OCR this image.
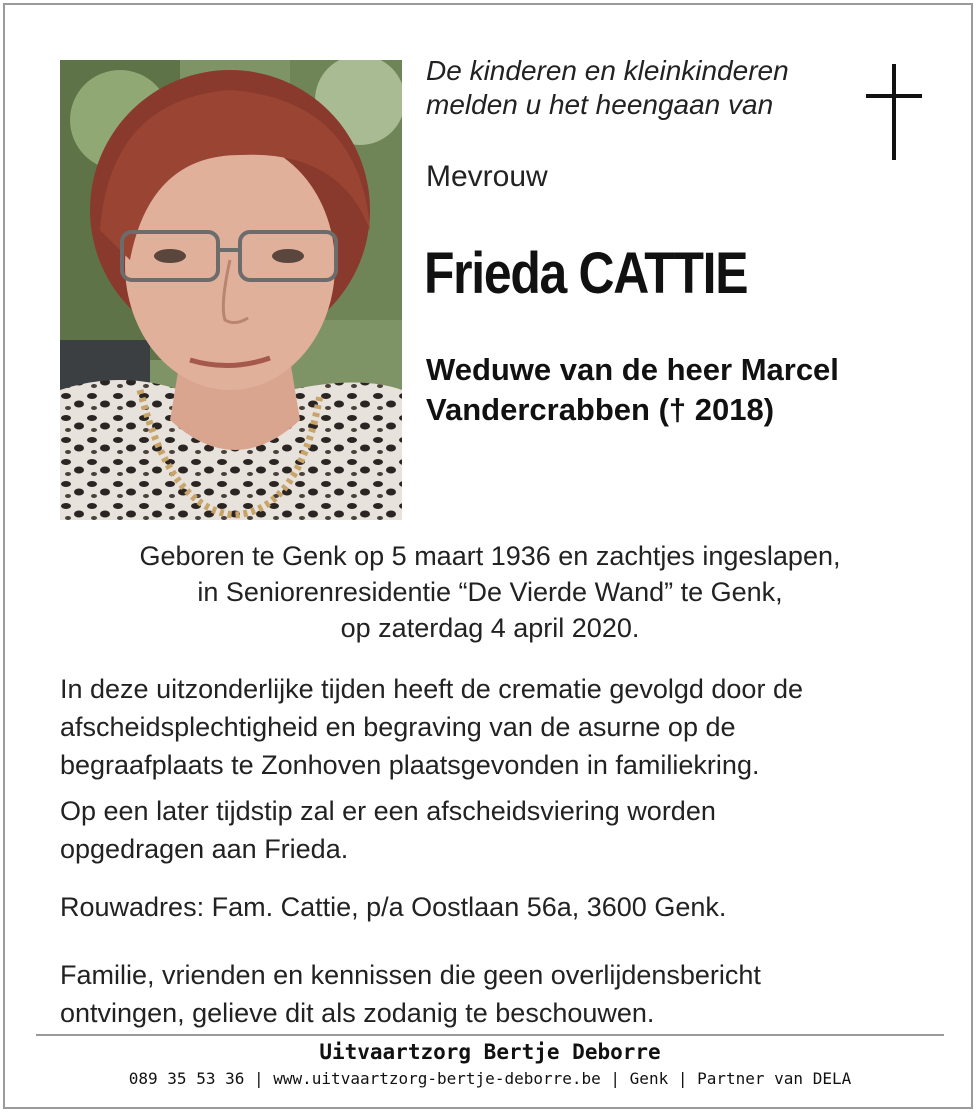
De kinderen en kleinkinderen
melden u het heengaan van
Mevrouw
Frieda CATTIE
Weduwe van de heer Marcel
Vandercrabben († 2018)
Geboren te Genk op 5 maart 1936 en zachtjes ingeslapen,
in Seniorenresidentie “De Vierde Wand” te Genk,
op zaterdag 4 april 2020.
In deze uitzonderlijke tijden heeft de crematie gevolgd door de
afscheidsplechtigheid en begraving van de asurne op de
begraafplaats te Zonhoven plaatsgevonden in familiekring.
Op een later tijdstip zal er een afscheidsviering worden
opgedragen aan Frieda.
Rouwadres: Fam. Cattie, p/a Oostlaan 56a, 3600 Genk.
Familie, vrienden en kennissen die geen overlijdensbericht
ontvingen, gelieve dit als zodanig te beschouwen.
Uitvaartzorg Bertje Deborre
089 35 53 36 | www.uitvaartzorg-bertje-deborre.be | Genk | Partner van DELA
